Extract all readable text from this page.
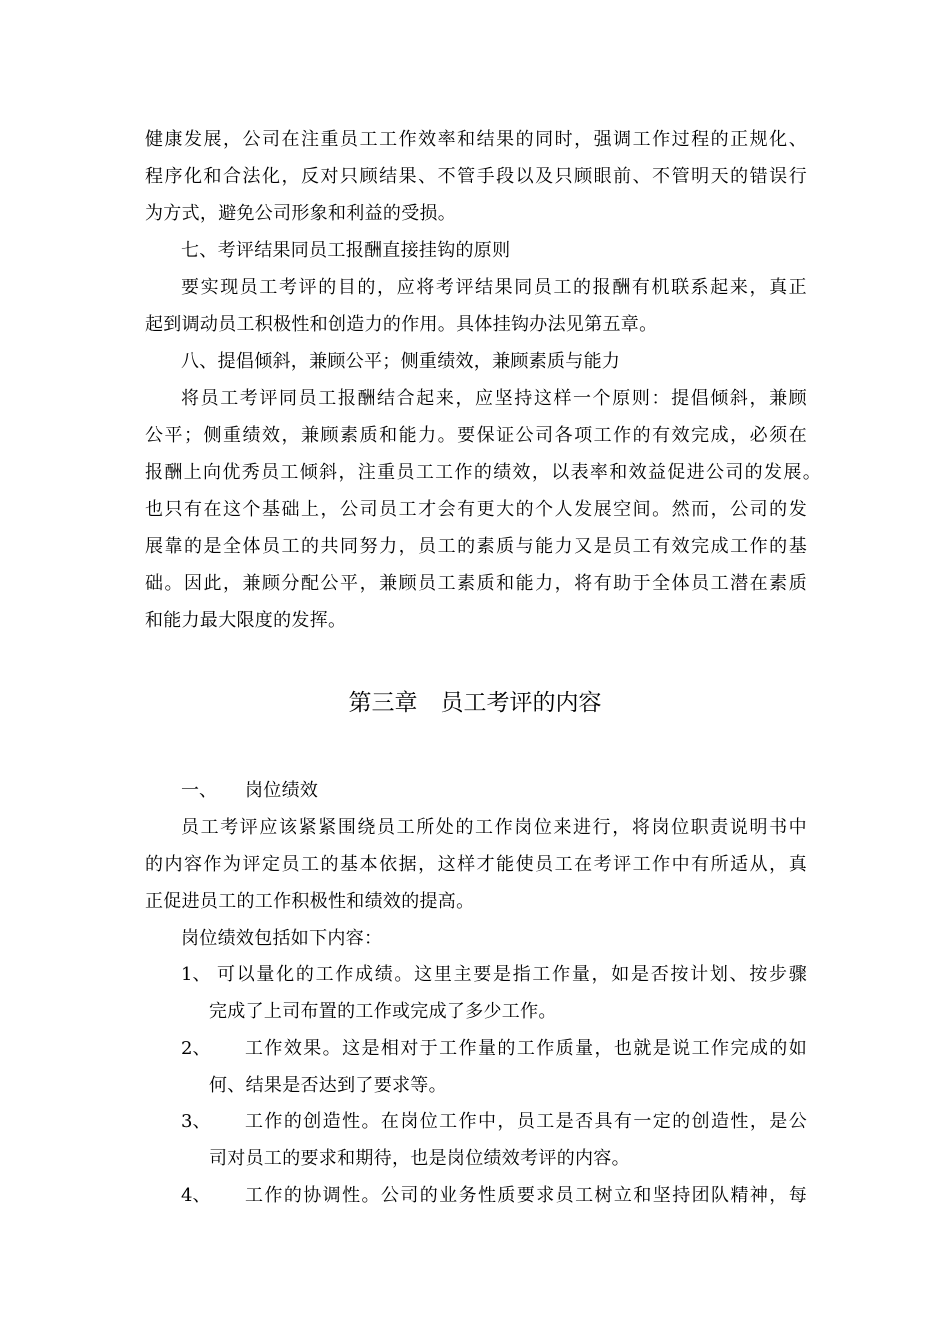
健康发展，公司在注重员工工作效率和结果的同时，强调工作过程的正规化、
程序化和合法化，反对只顾结果、不管手段以及只顾眼前、不管明天的错误行
为方式，避免公司形象和利益的受损。
七、考评结果同员工报酬直接挂钩的原则
要实现员工考评的目的，应将考评结果同员工的报酬有机联系起来，真正
起到调动员工积极性和创造力的作用。具体挂钩办法见第五章。
八、提倡倾斜，兼顾公平；侧重绩效，兼顾素质与能力
将员工考评同员工报酬结合起来，应坚持这样一个原则：提倡倾斜，兼顾
公平；侧重绩效，兼顾素质和能力。要保证公司各项工作的有效完成，必须在
报酬上向优秀员工倾斜，注重员工工作的绩效，以表率和效益促进公司的发展。
也只有在这个基础上，公司员工才会有更大的个人发展空间。然而，公司的发
展靠的是全体员工的共同努力，员工的素质与能力又是员工有效完成工作的基
础。因此，兼顾分配公平，兼顾员工素质和能力，将有助于全体员工潜在素质
和能力最大限度的发挥。
第三章　员工考评的内容
一、 岗位绩效
员工考评应该紧紧围绕员工所处的工作岗位来进行，将岗位职责说明书中
的内容作为评定员工的基本依据，这样才能使员工在考评工作中有所适从，真
正促进员工的工作积极性和绩效的提高。
岗位绩效包括如下内容：
1、 可以量化的工作成绩。这里主要是指工作量，如是否按计划、按步骤
完成了上司布置的工作或完成了多少工作。
2、 工作效果。这是相对于工作量的工作质量，也就是说工作完成的如
何、结果是否达到了要求等。
3、 工作的创造性。在岗位工作中，员工是否具有一定的创造性，是公
司对员工的要求和期待，也是岗位绩效考评的内容。
4、 工作的协调性。公司的业务性质要求员工树立和坚持团队精神，每
